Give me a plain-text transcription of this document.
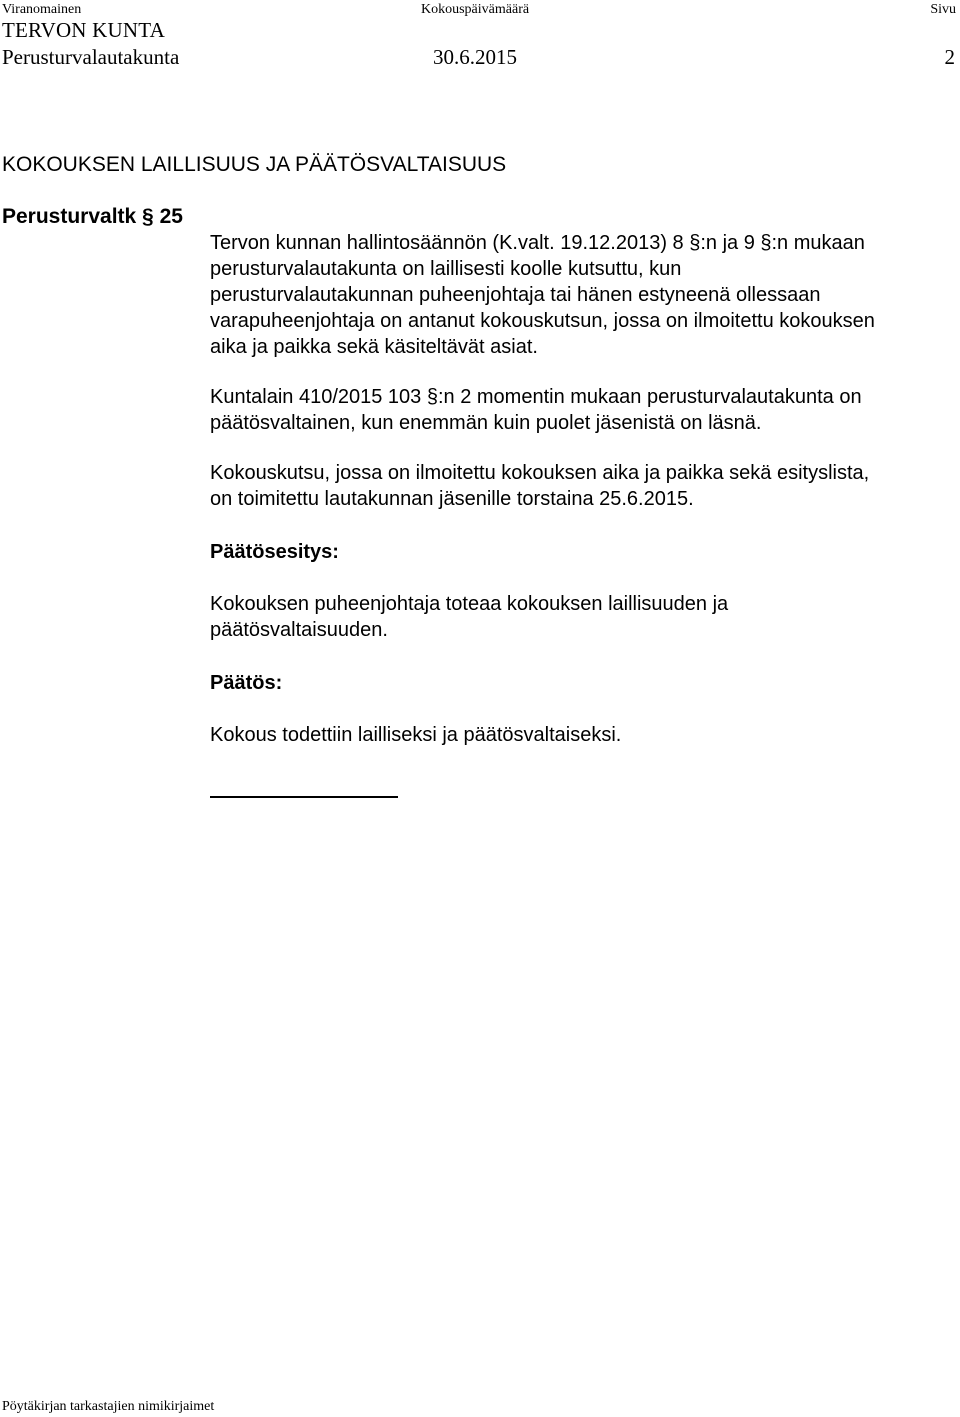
Viranomainen	Kokouspäivämäärä	Sivu
TERVON KUNTA
Perusturvalautakunta	30.6.2015	2
KOKOUKSEN LAILLISUUS JA PÄÄTÖSVALTAISUUS
Perusturvaltk § 25

Tervon kunnan hallintosäännön (K.valt. 19.12.2013) 8 §:n ja 9 §:n mukaan

perusturvalautakunta on laillisesti koolle kutsuttu, kun

perusturvalautakunnan puheenjohtaja tai hänen estyneenä ollessaan

varapuheenjohtaja on antanut kokouskutsun, jossa on ilmoitettu kokouksen

aika ja paikka sekä käsiteltävät asiat.

Kuntalain 410/2015 103 §:n 2 momentin mukaan perusturvalautakunta on

päätösvaltainen, kun enemmän kuin puolet jäsenistä on läsnä.

Kokouskutsu, jossa on ilmoitettu kokouksen aika ja paikka sekä esityslista,

on toimitettu lautakunnan jäsenille torstaina 25.6.2015.

Päätösesitys:

Kokouksen puheenjohtaja toteaa kokouksen laillisuuden ja

päätösvaltaisuuden.

Päätös:
Kokous todettiin lailliseksi ja päätösvaltaiseksi.
Pöytäkirjan tarkastajien nimikirjaimet
